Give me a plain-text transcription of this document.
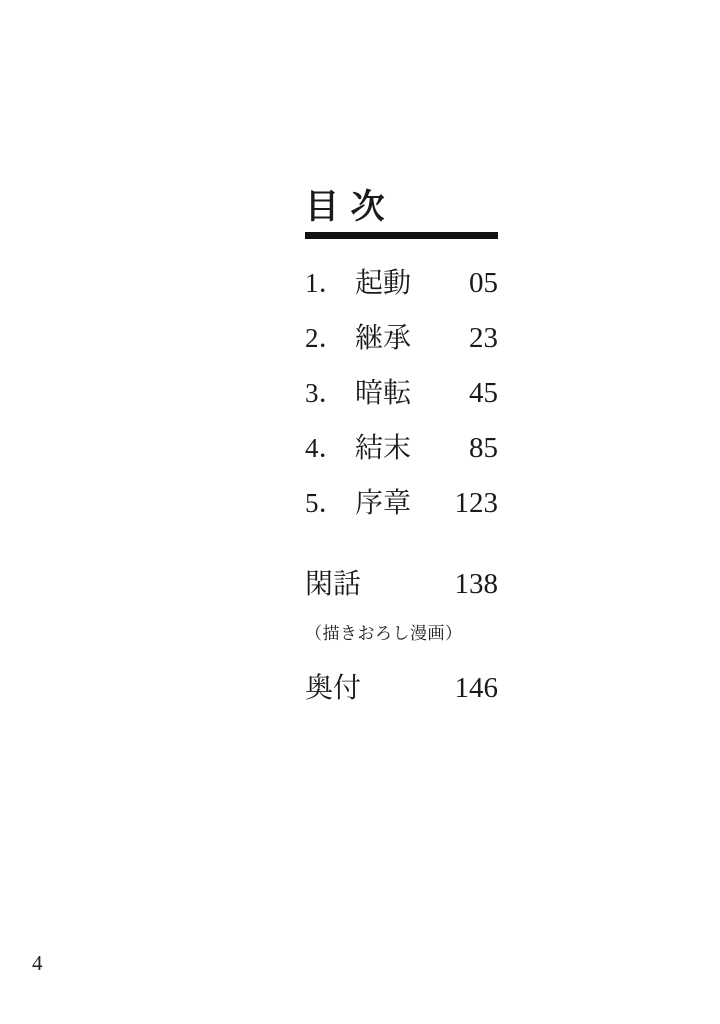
目 次
1． 起動 05
2． 継承 23
3． 暗転 45
4． 結末 85
5． 序章 123
閑話	138
（描きおろし漫画）
奥付	146
4
